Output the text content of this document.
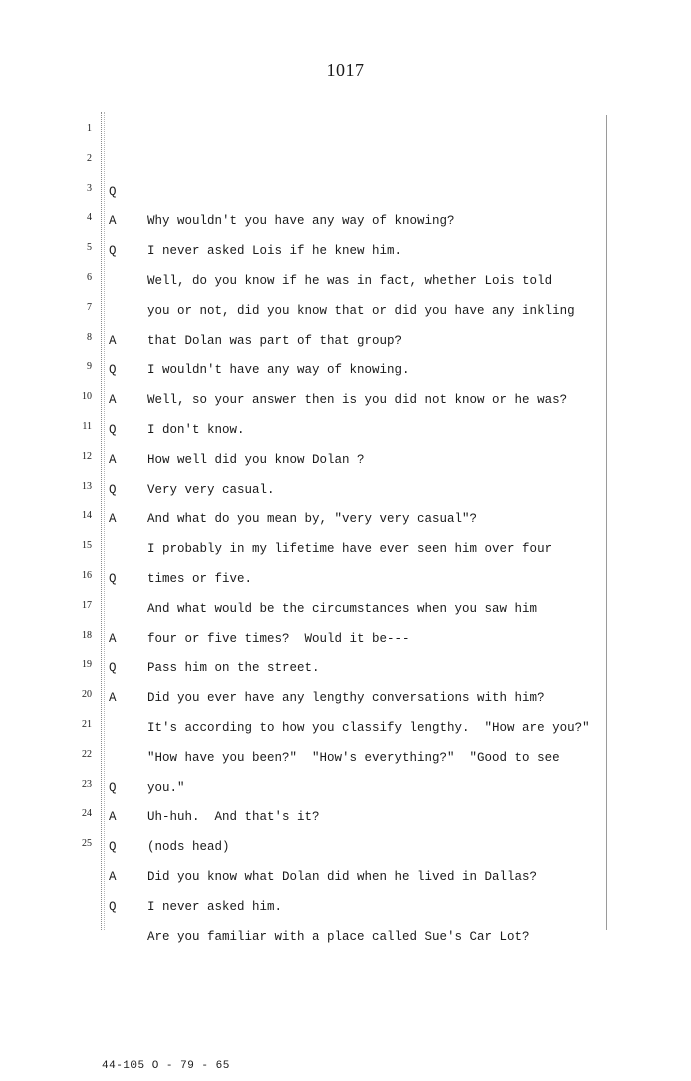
1017

1

Q

Why wouldn't you have any way of knowing?

2

A

I never asked Lois if he knew him.

3

Q

Well, do you know if he was in fact, whether Lois told

4

you or not, did you know that or did you have any inkling

5

that Dolan was part of that group?

6

A

I wouldn't have any way of knowing.

7

Q

Well, so your answer then is you did not know or he was?

8

A

I don't know.

9

Q

How well did you know Dolan ?

10

A

Very very casual.

11

Q

And what do you mean by, "very very casual"?

12

A

I probably in my lifetime have ever seen him over four

13

times or five.

14

Q

And what would be the circumstances when you saw him

15

four or five times?  Would it be---

16

A

Pass him on the street.

17

Q

Did you ever have any lengthy conversations with him?

18

A

It's according to how you classify lengthy.  "How are you?"

19

"How have you been?"  "How's everything?"  "Good to see

20

you."

21

Q

Uh-huh.  And that's it?

22

A

(nods head)

23

Q

Did you know what Dolan did when he lived in Dallas?

24

A

I never asked him.

25

Q

Are you familiar with a place called Sue's Car Lot?

44-105 O - 79 - 65
